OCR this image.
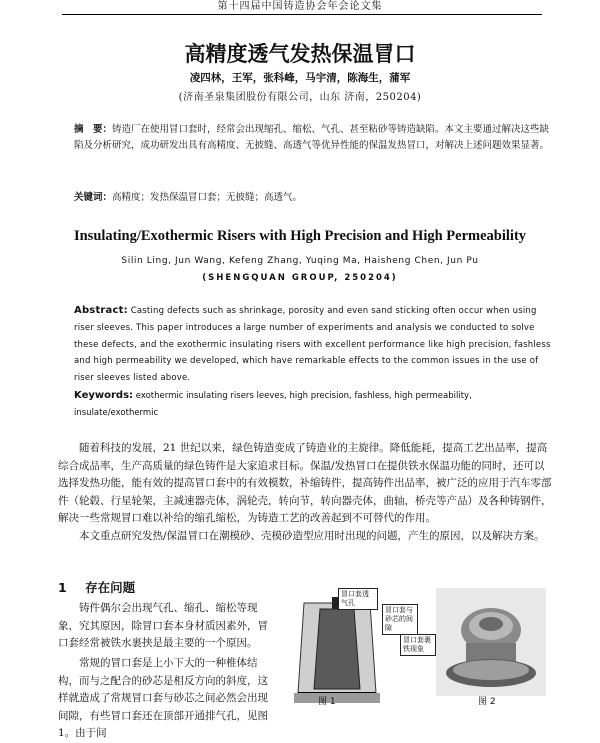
第十四届中国铸造协会年会论文集
高精度透气发热保温冒口
凌四林，王军，张科峰，马宇清，陈海生，蒲军
(济南圣泉集团股份有限公司，山东 济南，250204)
摘　要：铸造厂在使用冒口套时，经常会出现缩孔、缩松、气孔、甚至粘砂等铸造缺陷。本文主要通过解决这些缺陷及分析研究，成功研发出具有高精度、无披缝、高透气等优异性能的保温发热冒口，对解决上述问题效果显著。
关键词：高精度；发热保温冒口套；无披缝；高透气。
Insulating/Exothermic Risers with High Precision and High Permeability
Silin Ling, Jun Wang, Kefeng Zhang, Yuqing Ma, Haisheng Chen, Jun Pu
(SHENGQUAN GROUP, 250204)
Abstract: Casting defects such as shrinkage, porosity and even sand sticking often occur when using riser sleeves. This paper introduces a large number of experiments and analysis we conducted to solve these defects, and the exothermic insulating risers with excellent performance like high precision, fashless and high permeability we developed, which have remarkable effects to the common issues in the use of riser sleeves listed above.
Keywords: exothermic insulating risers leeves, high precision, fashless, high permeability, insulate/exothermic
随着科技的发展，21 世纪以来，绿色铸造变成了铸造业的主旋律。降低能耗，提高工艺出品率，提高综合成品率，生产高质量的绿色铸件是大家追求目标。保温/发热冒口在提供铁水保温功能的同时，还可以选择发热功能，能有效的提高冒口套中的有效模数，补缩铸件，提高铸件出品率，被广泛的应用于汽车零部件（轮毂、行星轮架，主减速器壳体，涡轮壳，转向节，转向器壳体，曲轴，桥壳等产品）及各种铸钢件，解决一些常规冒口难以补给的缩孔缩松，为铸造工艺的改善起到不可替代的作用。
本文重点研究发热/保温冒口在潮模砂、壳模砂造型应用时出现的问题，产生的原因，以及解决方案。
1 存在问题
铸件偶尔会出现气孔、缩孔、缩松等现象，究其原因，除冒口套本身材质因素外，冒口套经常被铁水裹挟是最主要的一个原因。
常规的冒口套是上小下大的一种椎体结构，而与之配合的砂芯是相反方向的斜度，这样就造成了常规冒口套与砂芯之间必然会出现间隙，有些冒口套还在顶部开通排气孔，见图 1。由于间
冒口套透气孔
冒口套与砂芯的间隙
图 1
冒口套裹铁现象
图 2
